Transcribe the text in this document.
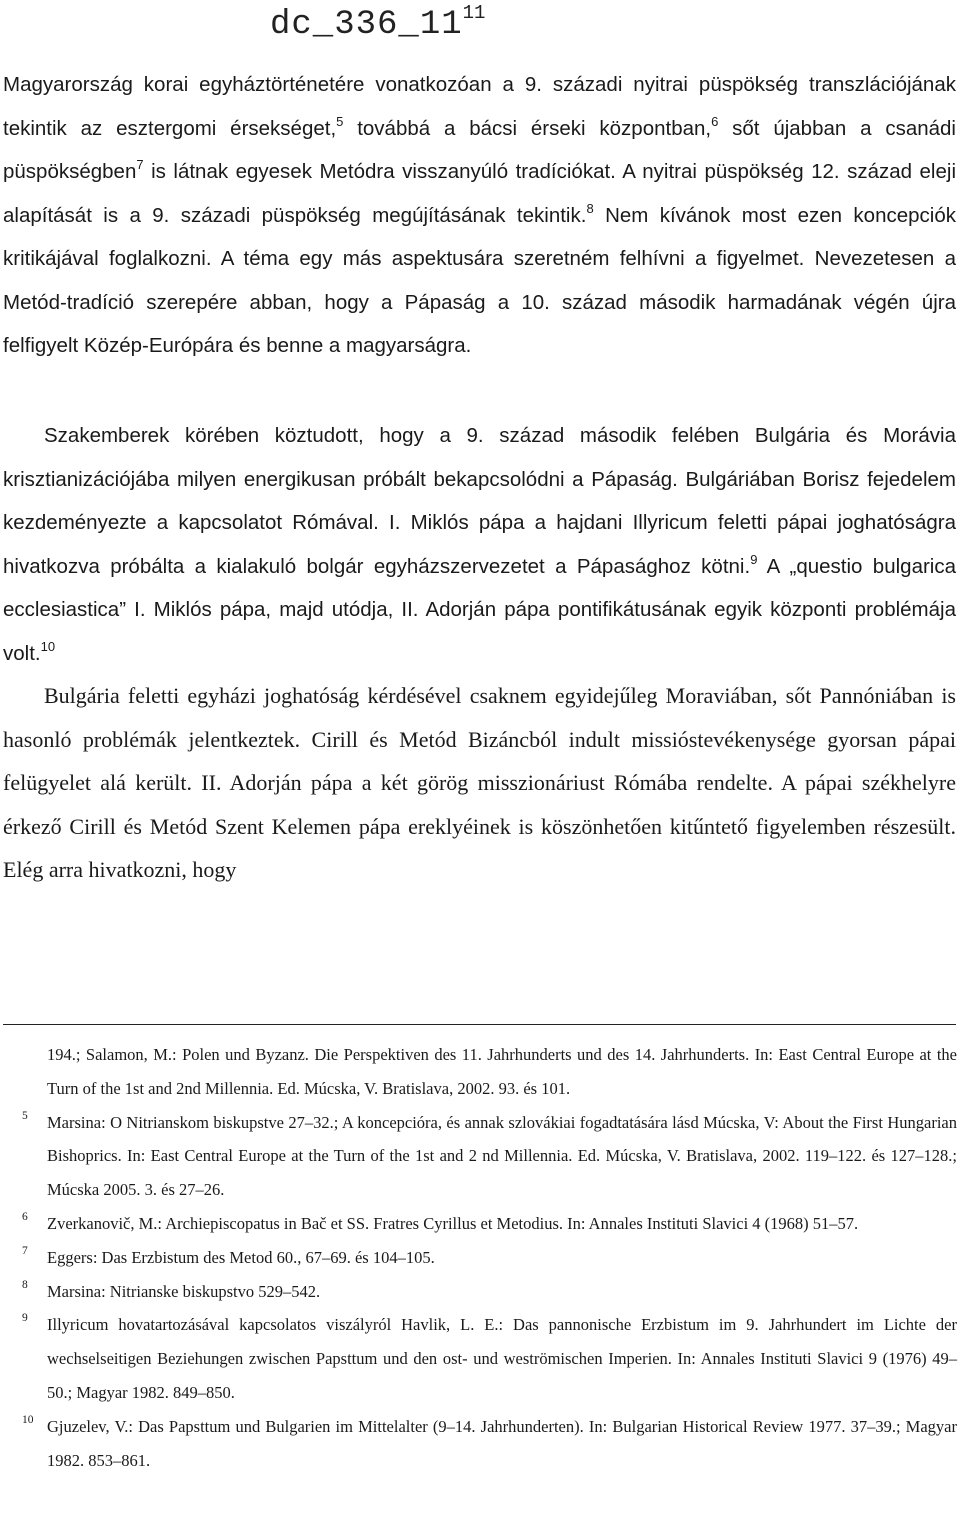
$dc\_336\_11^{11}$

Magyarország korai egyháztörténetére vonatkozóan a 9. századi nyitrai püspökség transzlációjának tekintik az esztergomi érsekséget,$^5$ továbbá a bácsi érseki központban,$^6$ sőt újabban a csanádi püspökségben$^7$ is látnak egyesek Metódra visszanyúló tradíciókat. A nyitrai püspökség 12. század eleji alapítását is a 9. századi püspökség megújításának tekintik.$^8$ Nem kívánok most ezen koncepciók kritikájával foglalkozni. A téma egy más aspektusára szeretném felhívni a figyelmet. Nevezetesen a Metód-tradíció szerepére abban, hogy a Pápaság a 10. század második harmadának végén újra felfigyelt Közép-Európára és benne a magyarságra.

Szakemberek körében köztudott, hogy a 9. század második felében Bulgária és Morávia krisztianizációjába milyen energikusan próbált bekapcsolódni a Pápaság. Bulgáriában Borisz fejedelem kezdeményezte a kapcsolatot Rómával. I. Miklós pápa a hajdani Illyricum feletti pápai joghatóságra hivatkozva próbálta a kialakuló bolgár egyházszervezetet a Pápasághoz kötni.$^9$ A „questio bulgarica ecclesiastica” I. Miklós pápa, majd utódja, II. Adorján pápa pontifikátusának egyik központi problémája volt.$^{10}$

Bulgária feletti egyházi joghatóság kérdésével csaknem egyidejűleg Moraviában, sőt Pannóniában is hasonló problémák jelentkeztek. Cirill és Metód Bizáncból indult missióstevékenysége gyorsan pápai felügyelet alá került. II. Adorján pápa a két görög misszionáriust Rómába rendelte. A pápai székhelyre érkező Cirill és Metód Szent Kelemen pápa ereklyéinek is köszönhetően kitűntető figyelemben részesült. Elég arra hivatkozni, hogy

194.; Salamon, M.: Polen und Byzanz. Die Perspektiven des 11. Jahrhunderts und des 14. Jahrhunderts. In: East Central Europe at the Turn of the 1st and 2nd Millennia. Ed. Múcska, V. Bratislava, 2002. 93. és 101.
5 Marsina: O Nitrianskom biskupstve 27–32.; A koncepcióra, és annak szlovákiai fogadtatására lásd Múcska, V: About the First Hungarian Bishoprics. In: East Central Europe at the Turn of the 1st and 2 nd Millennia. Ed. Múcska, V. Bratislava, 2002. 119–122. és 127–128.; Múcska 2005. 3. és 27–26.
6 Zverkanovič, M.: Archiepiscopatus in Bač et SS. Fratres Cyrillus et Metodius. In: Annales Instituti Slavici 4 (1968) 51–57.
7 Eggers: Das Erzbistum des Metod 60., 67–69. és 104–105.
8 Marsina: Nitrianske biskupstvo 529–542.
9 Illyricum hovatartozásával kapcsolatos viszályról Havlik, L. E.: Das pannonische Erzbistum im 9. Jahrhundert im Lichte der wechselseitigen Beziehungen zwischen Papsttum und den ost- und weströmischen Imperien. In: Annales Instituti Slavici 9 (1976) 49–50.; Magyar 1982. 849–850.
10 Gjuzelev, V.: Das Papsttum und Bulgarien im Mittelalter (9–14. Jahrhunderten). In: Bulgarian Historical Review 1977. 37–39.; Magyar 1982. 853–861.
